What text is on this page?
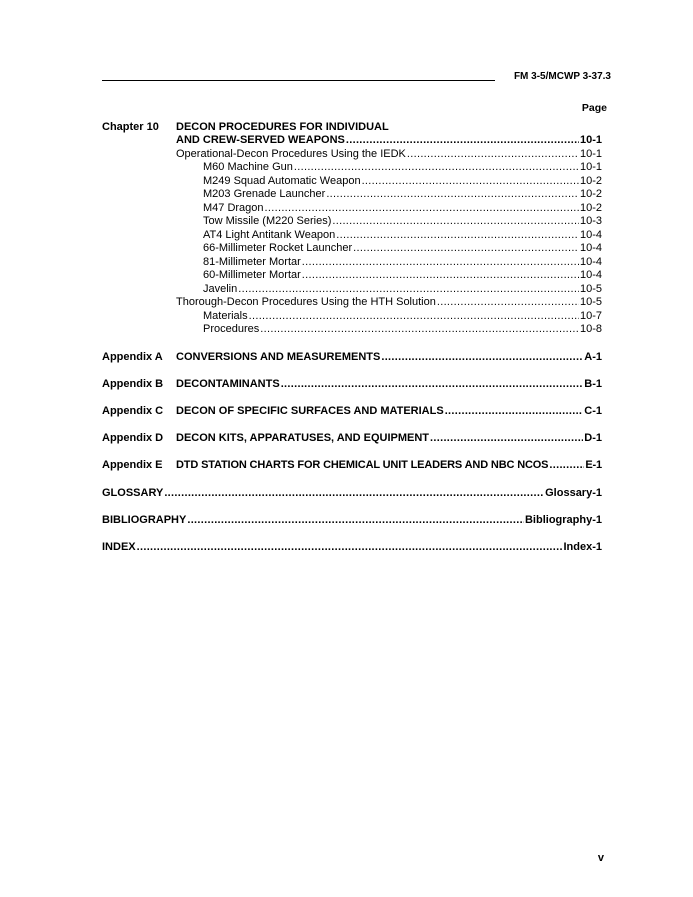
FM 3-5/MCWP 3-37.3
Page
Chapter 10 DECON PROCEDURES FOR INDIVIDUAL
AND CREW-SERVED WEAPONS .....	10-1
Operational-Decon Procedures Using the IEDK .....	10-1
M60 Machine Gun .....	10-1
M249 Squad Automatic Weapon .....	10-2
M203 Grenade Launcher .....	10-2
M47 Dragon .....	10-2
Tow Missile (M220 Series) .....	10-3
AT4 Light Antitank Weapon .....	10-4
66-Millimeter Rocket Launcher .....	10-4
81-Millimeter Mortar .....	10-4
60-Millimeter Mortar .....	10-4
Javelin .....	10-5
Thorough-Decon Procedures Using the HTH Solution .....	10-5
Materials .....	10-7
Procedures .....	10-8
Appendix A CONVERSIONS AND MEASUREMENTS .....	A-1
Appendix B DECONTAMINANTS .....	B-1
Appendix C DECON OF SPECIFIC SURFACES AND MATERIALS .....	C-1
Appendix D DECON KITS, APPARATUSES, AND EQUIPMENT .....	D-1
Appendix E DTD STATION CHARTS FOR CHEMICAL UNIT LEADERS AND NBC NCOS .....	E-1
GLOSSARY .....	Glossary-1
BIBLIOGRAPHY .....	Bibliography-1
INDEX .....	Index-1
v
